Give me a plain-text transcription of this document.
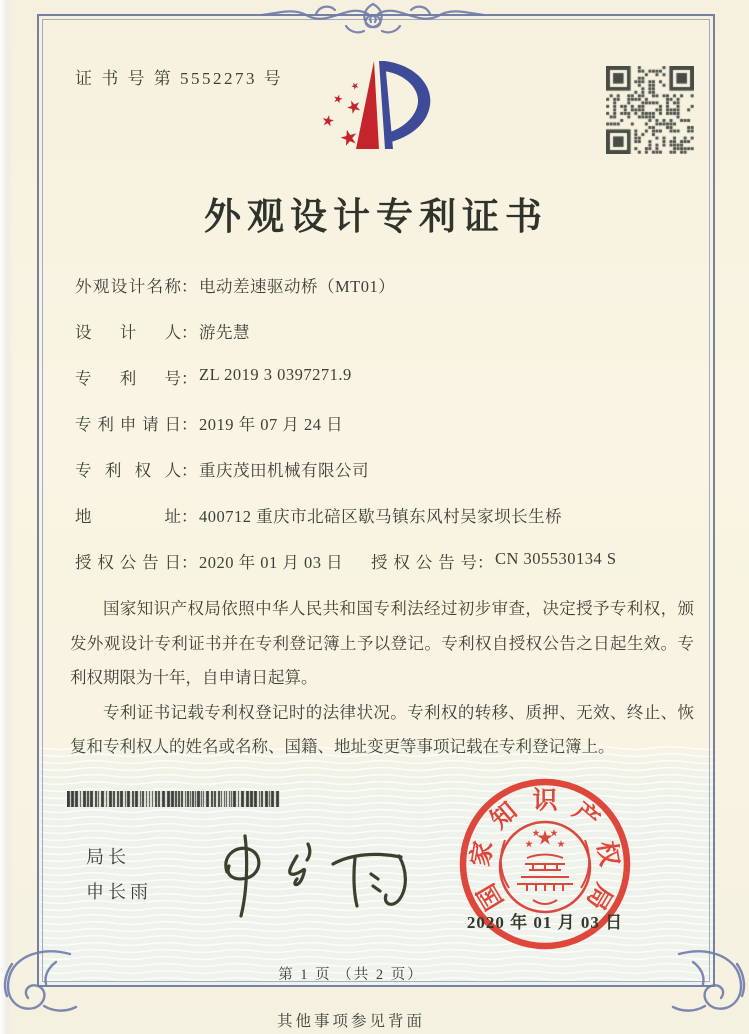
证 书 号 第 5552273 号
外观设计专利证书
外观设计名称 ： 电动差速驱动桥（MT01）
设计人 ： 游先慧
专利号 ： ZL 2019 3 0397271.9
专利申请日 ： 2019 年 07 月 24 日
专利权人 ： 重庆茂田机械有限公司
地址 ： 400712 重庆市北碚区歇马镇东风村吴家坝长生桥
授权公告日 ： 2020 年 01 月 03 日	授权公告号 ： CN 305530134 S

国家知识产权局依照中华人民共和国专利法经过初步审查，决定授予专利权，颁发外观设计专利证书并在专利登记簿上予以登记。专利权自授权公告之日起生效。专利权期限为十年，自申请日起算。

专利证书记载专利权登记时的法律状况。专利权的转移、质押、无效、终止、恢复和专利权人的姓名或名称、国籍、地址变更等事项记载在专利登记簿上。

局长
申长雨	国
家
知 识 产
权
局
2020 年 01 月 03 日
第 1 页 （共 2 页）
其他事项参见背面
